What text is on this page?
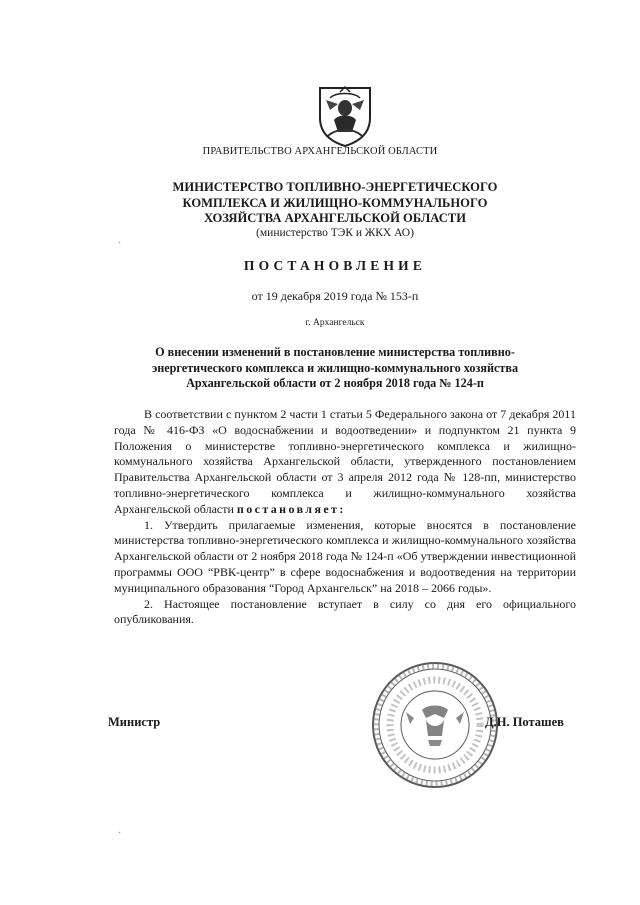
ПРАВИТЕЛЬСТВО АРХАНГЕЛЬСКОЙ ОБЛАСТИ
МИНИСТЕРСТВО ТОПЛИВНО-ЭНЕРГЕТИЧЕСКОГО
КОМПЛЕКСА И ЖИЛИЩНО-КОММУНАЛЬНОГО
ХОЗЯЙСТВА АРХАНГЕЛЬСКОЙ ОБЛАСТИ
(министерство ТЭК и ЖКХ АО)
ПОСТАНОВЛЕНИЕ
от 19 декабря 2019 года № 153-п
г. Архангельск
О внесении изменений в постановление министерства топливно-
энергетического комплекса и жилищно-коммунального хозяйства
Архангельской области от 2 ноября 2018 года № 124-п

В соответствии с пунктом 2 части 1 статьи 5 Федерального закона от 7 декабря 2011 года № 416-ФЗ «О водоснабжении и водоотведении» и подпунктом 21 пункта 9 Положения о министерстве топливно-энергетического комплекса и жилищно-коммунального хозяйства Архангельской области, утвержденного постановлением Правительства Архангельской области от 3 апреля 2012 года № 128-пп, министерство топливно-энергетического комплекса и жилищно-коммунального хозяйства Архангельской области постановляет:

1. Утвердить прилагаемые изменения, которые вносятся в постановление министерства топливно-энергетического комплекса и жилищно-коммунального хозяйства Архангельской области от 2 ноября 2018 года № 124-п «Об утверждении инвестиционной программы ООО “РВК-центр” в сфере водоснабжения и водоотведения на территории муниципального образования “Город Архангельск” на 2018 – 2066 годы».

2. Настоящее постановление вступает в силу со дня его официального опубликования.

Министр	Д.Н. Поташев
·
·
